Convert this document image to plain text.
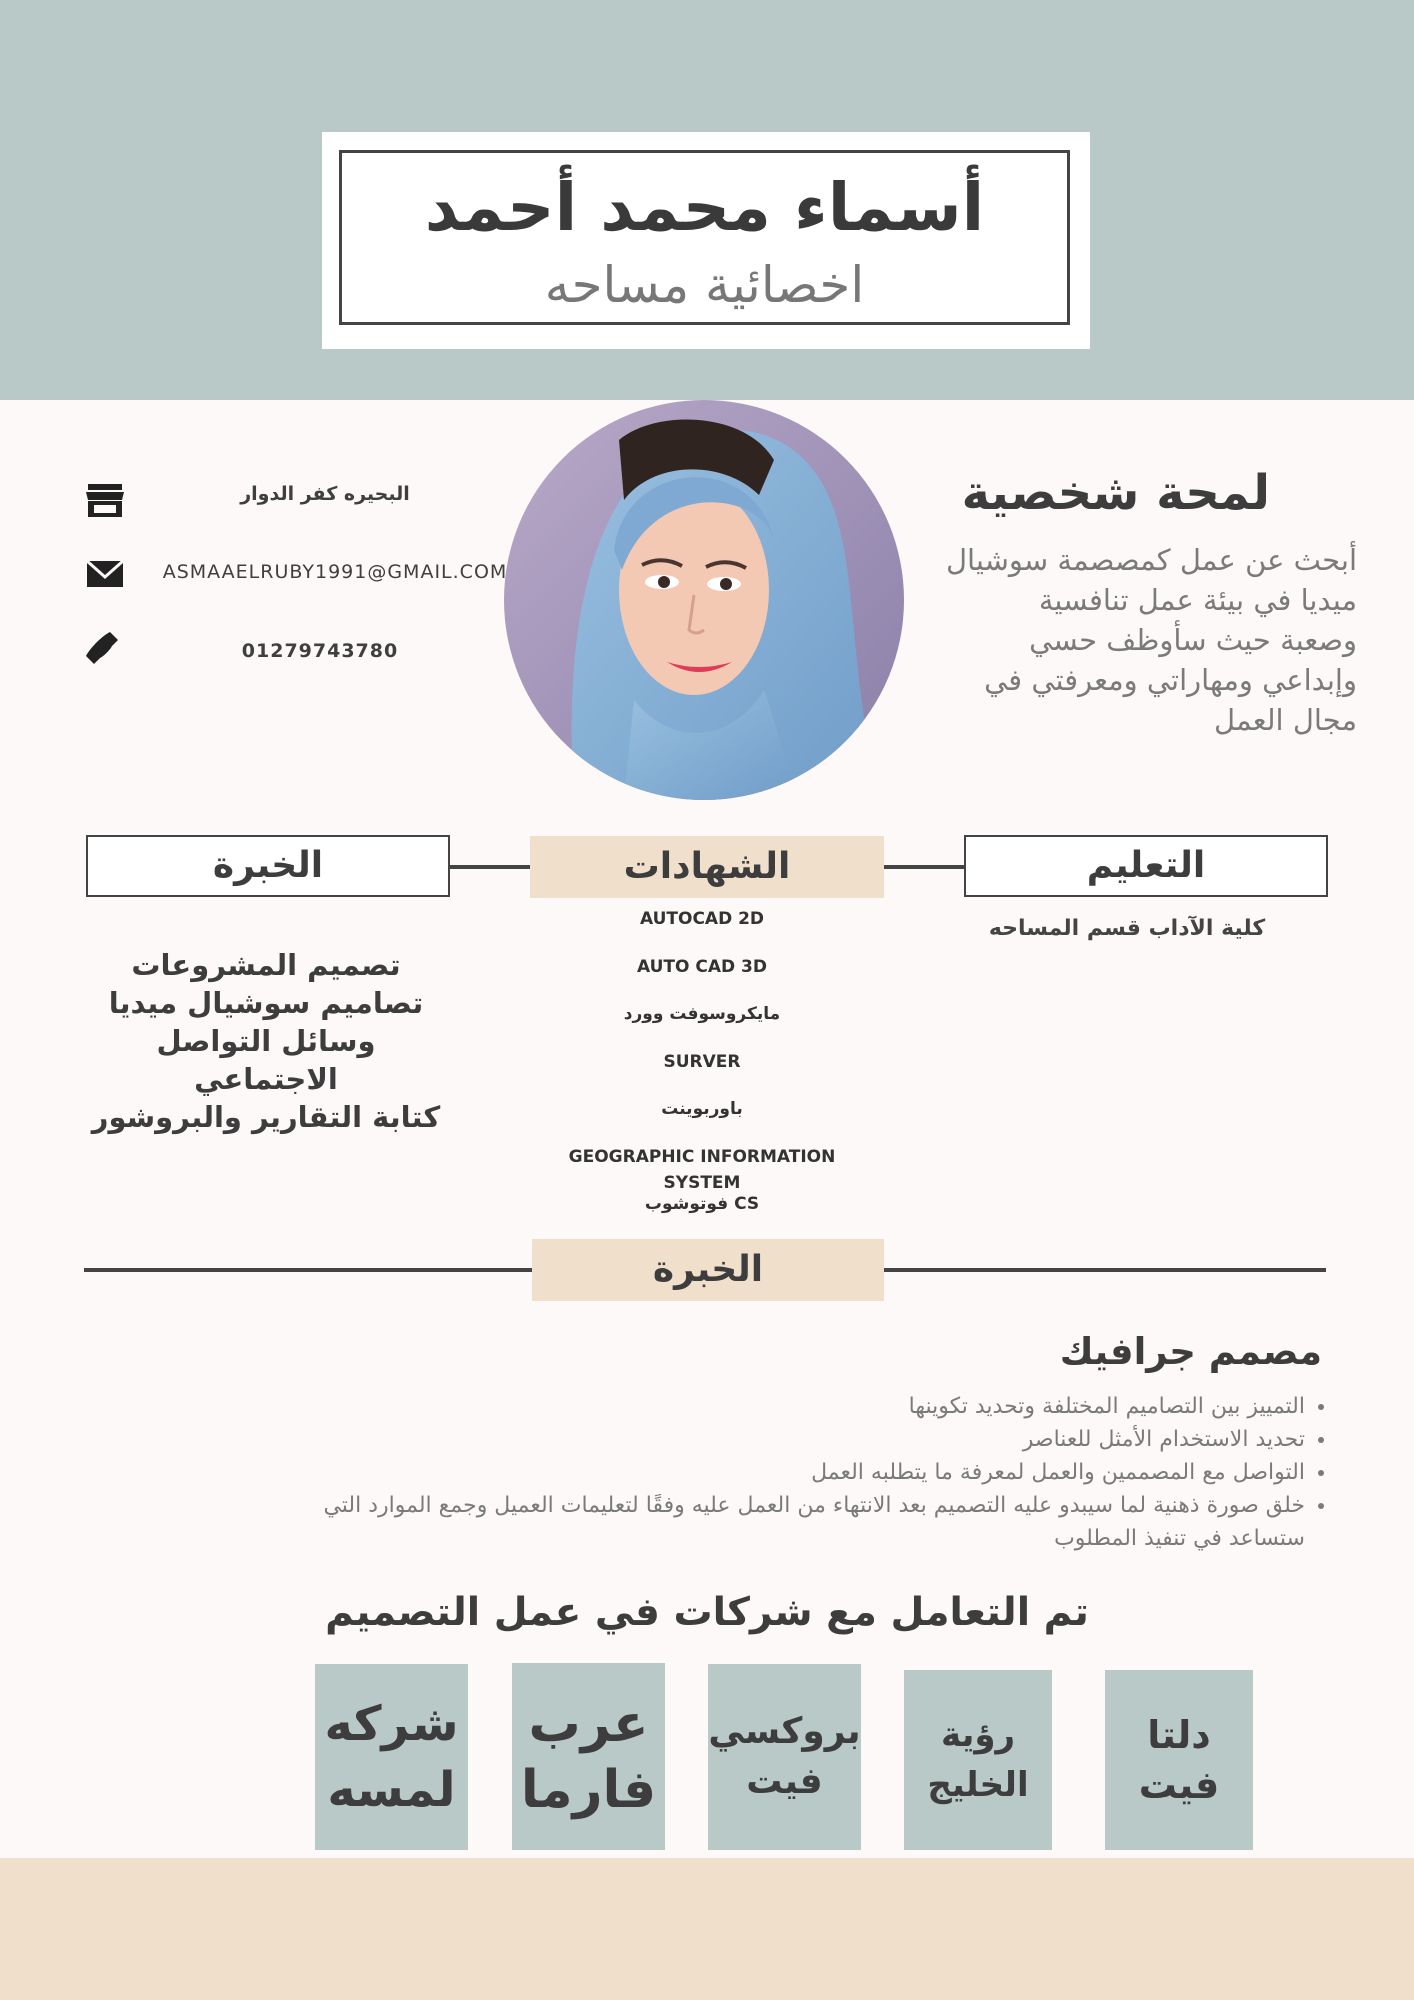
أسماء محمد أحمد
اخصائية مساحه
البحيره كفر الدوار
ASMAAELRUBY1991@GMAIL.COM
01279743780
لمحة شخصية
أبحث عن عمل كمصصمة سوشيال
ميديا في بيئة عمل تنافسية
وصعبة حيث سأوظف حسي
وإبداعي ومهاراتي ومعرفتي في
مجال العمل
الخبرة	الشهادات	التعليم
كلية الآداب قسم المساحه
AUTOCAD 2D
AUTO CAD 3D
مايكروسوفت وورد
SURVER
باوربوينت
GEOGRAPHIC INFORMATION SYSTEM
فوتوشوب CS
تصميم المشروعات
تصاميم سوشيال ميديا
وسائل التواصل الاجتماعي
كتابة التقارير والبروشور
الخبرة
مصمم جرافيك
• التمييز بين التصاميم المختلفة وتحديد تكوينها
• تحديد الاستخدام الأمثل للعناصر
• التواصل مع المصممين والعمل لمعرفة ما يتطلبه العمل
• خلق صورة ذهنية لما سيبدو عليه التصميم بعد الانتهاء من العمل عليه وفقًا لتعليمات العميل وجمع الموارد التي ستساعد في تنفيذ المطلوب
تم التعامل مع شركات في عمل التصميم
دلتا
فيت
رؤية
الخليج
بروكسي
فيت
عرب
فارما
شركه
لمسه
